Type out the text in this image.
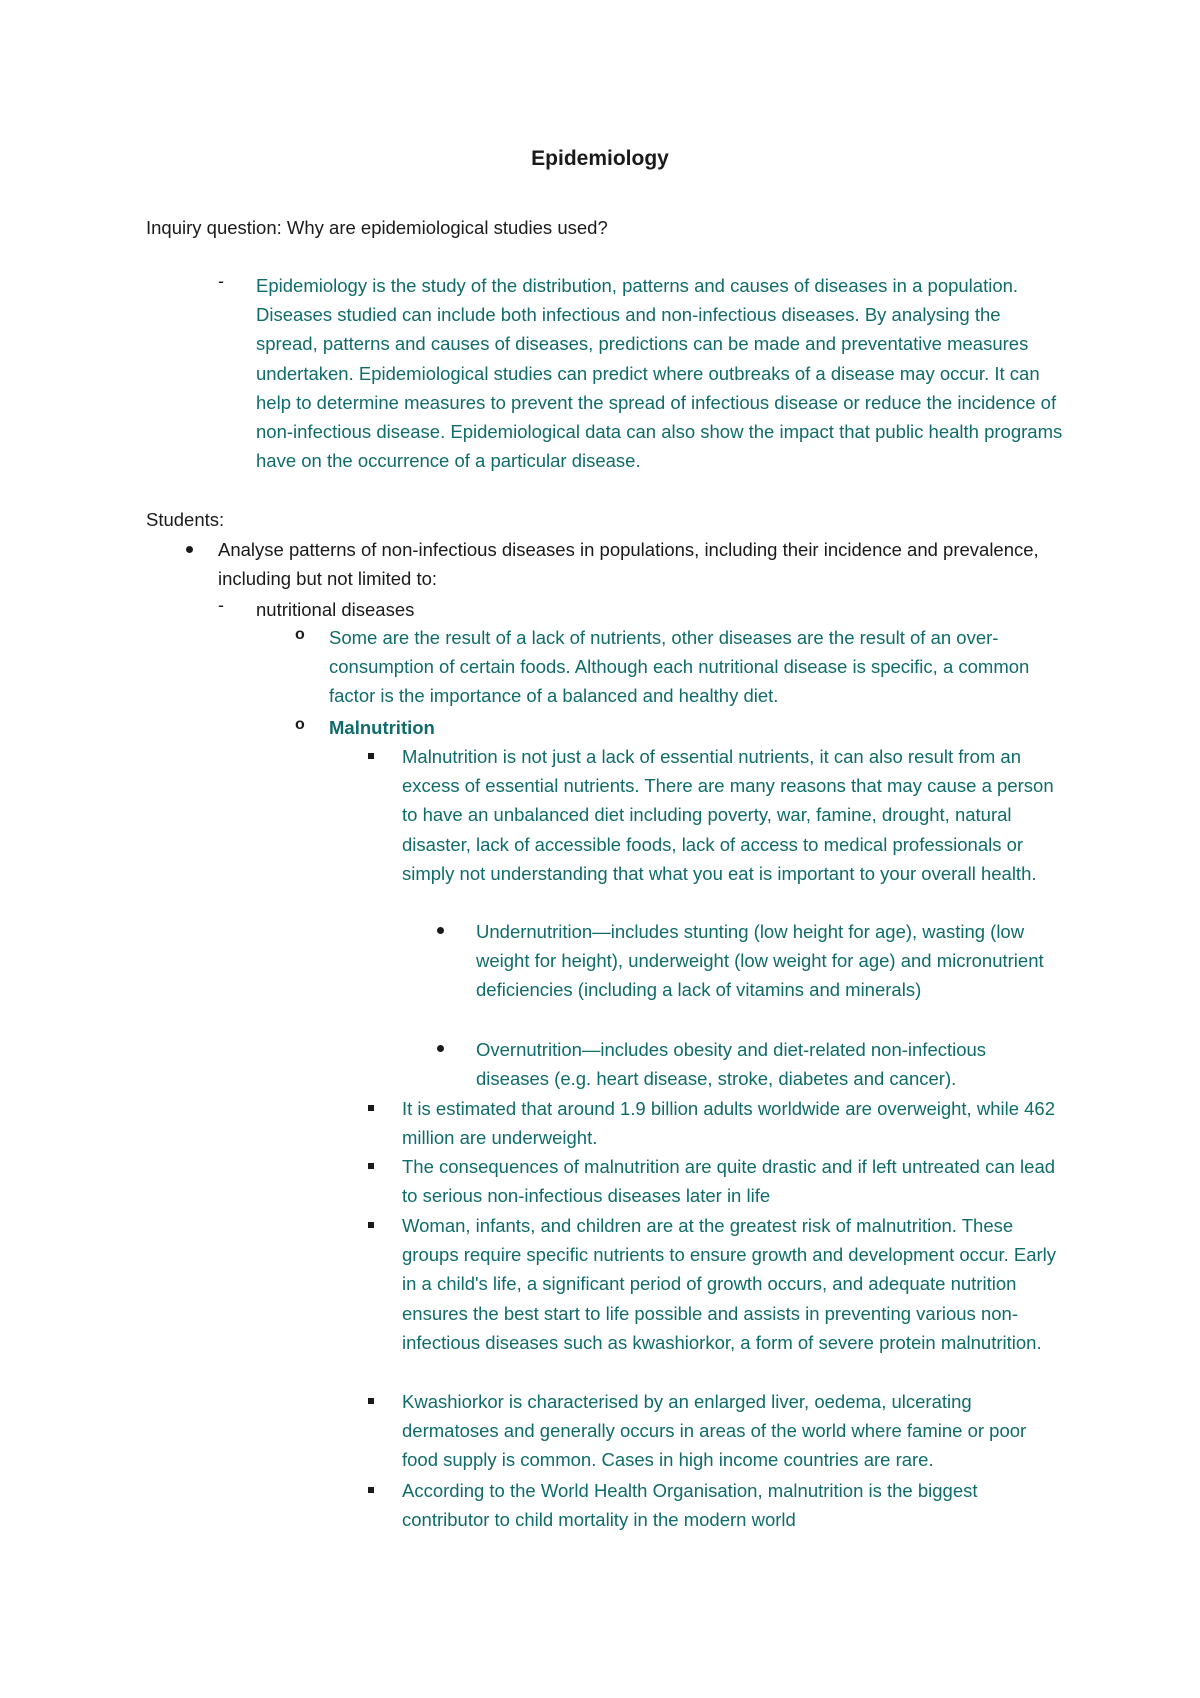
Epidemiology
Inquiry question: Why are epidemiological studies used?
- Epidemiology is the study of the distribution, patterns and causes of diseases in a population. Diseases studied can include both infectious and non-infectious diseases. By analysing the spread, patterns and causes of diseases, predictions can be made and preventative measures undertaken. Epidemiological studies can predict where outbreaks of a disease may occur. It can help to determine measures to prevent the spread of infectious disease or reduce the incidence of non-infectious disease. Epidemiological data can also show the impact that public health programs have on the occurrence of a particular disease.
Students:
Analyse patterns of non-infectious diseases in populations, including their incidence and prevalence, including but not limited to:
- nutritional diseases
o Some are the result of a lack of nutrients, other diseases are the result of an over-consumption of certain foods. Although each nutritional disease is specific, a common factor is the importance of a balanced and healthy diet.
o Malnutrition
Malnutrition is not just a lack of essential nutrients, it can also result from an excess of essential nutrients. There are many reasons that may cause a person to have an unbalanced diet including poverty, war, famine, drought, natural disaster, lack of accessible foods, lack of access to medical professionals or simply not understanding that what you eat is important to your overall health.
Undernutrition—includes stunting (low height for age), wasting (low weight for height), underweight (low weight for age) and micronutrient deficiencies (including a lack of vitamins and minerals)
Overnutrition—includes obesity and diet-related non-infectious diseases (e.g. heart disease, stroke, diabetes and cancer).
It is estimated that around 1.9 billion adults worldwide are overweight, while 462 million are underweight.
The consequences of malnutrition are quite drastic and if left untreated can lead to serious non-infectious diseases later in life
Woman, infants, and children are at the greatest risk of malnutrition. These groups require specific nutrients to ensure growth and development occur. Early in a child's life, a significant period of growth occurs, and adequate nutrition ensures the best start to life possible and assists in preventing various non-infectious diseases such as kwashiorkor, a form of severe protein malnutrition.
Kwashiorkor is characterised by an enlarged liver, oedema, ulcerating dermatoses and generally occurs in areas of the world where famine or poor food supply is common. Cases in high income countries are rare.
According to the World Health Organisation, malnutrition is the biggest contributor to child mortality in the modern world
